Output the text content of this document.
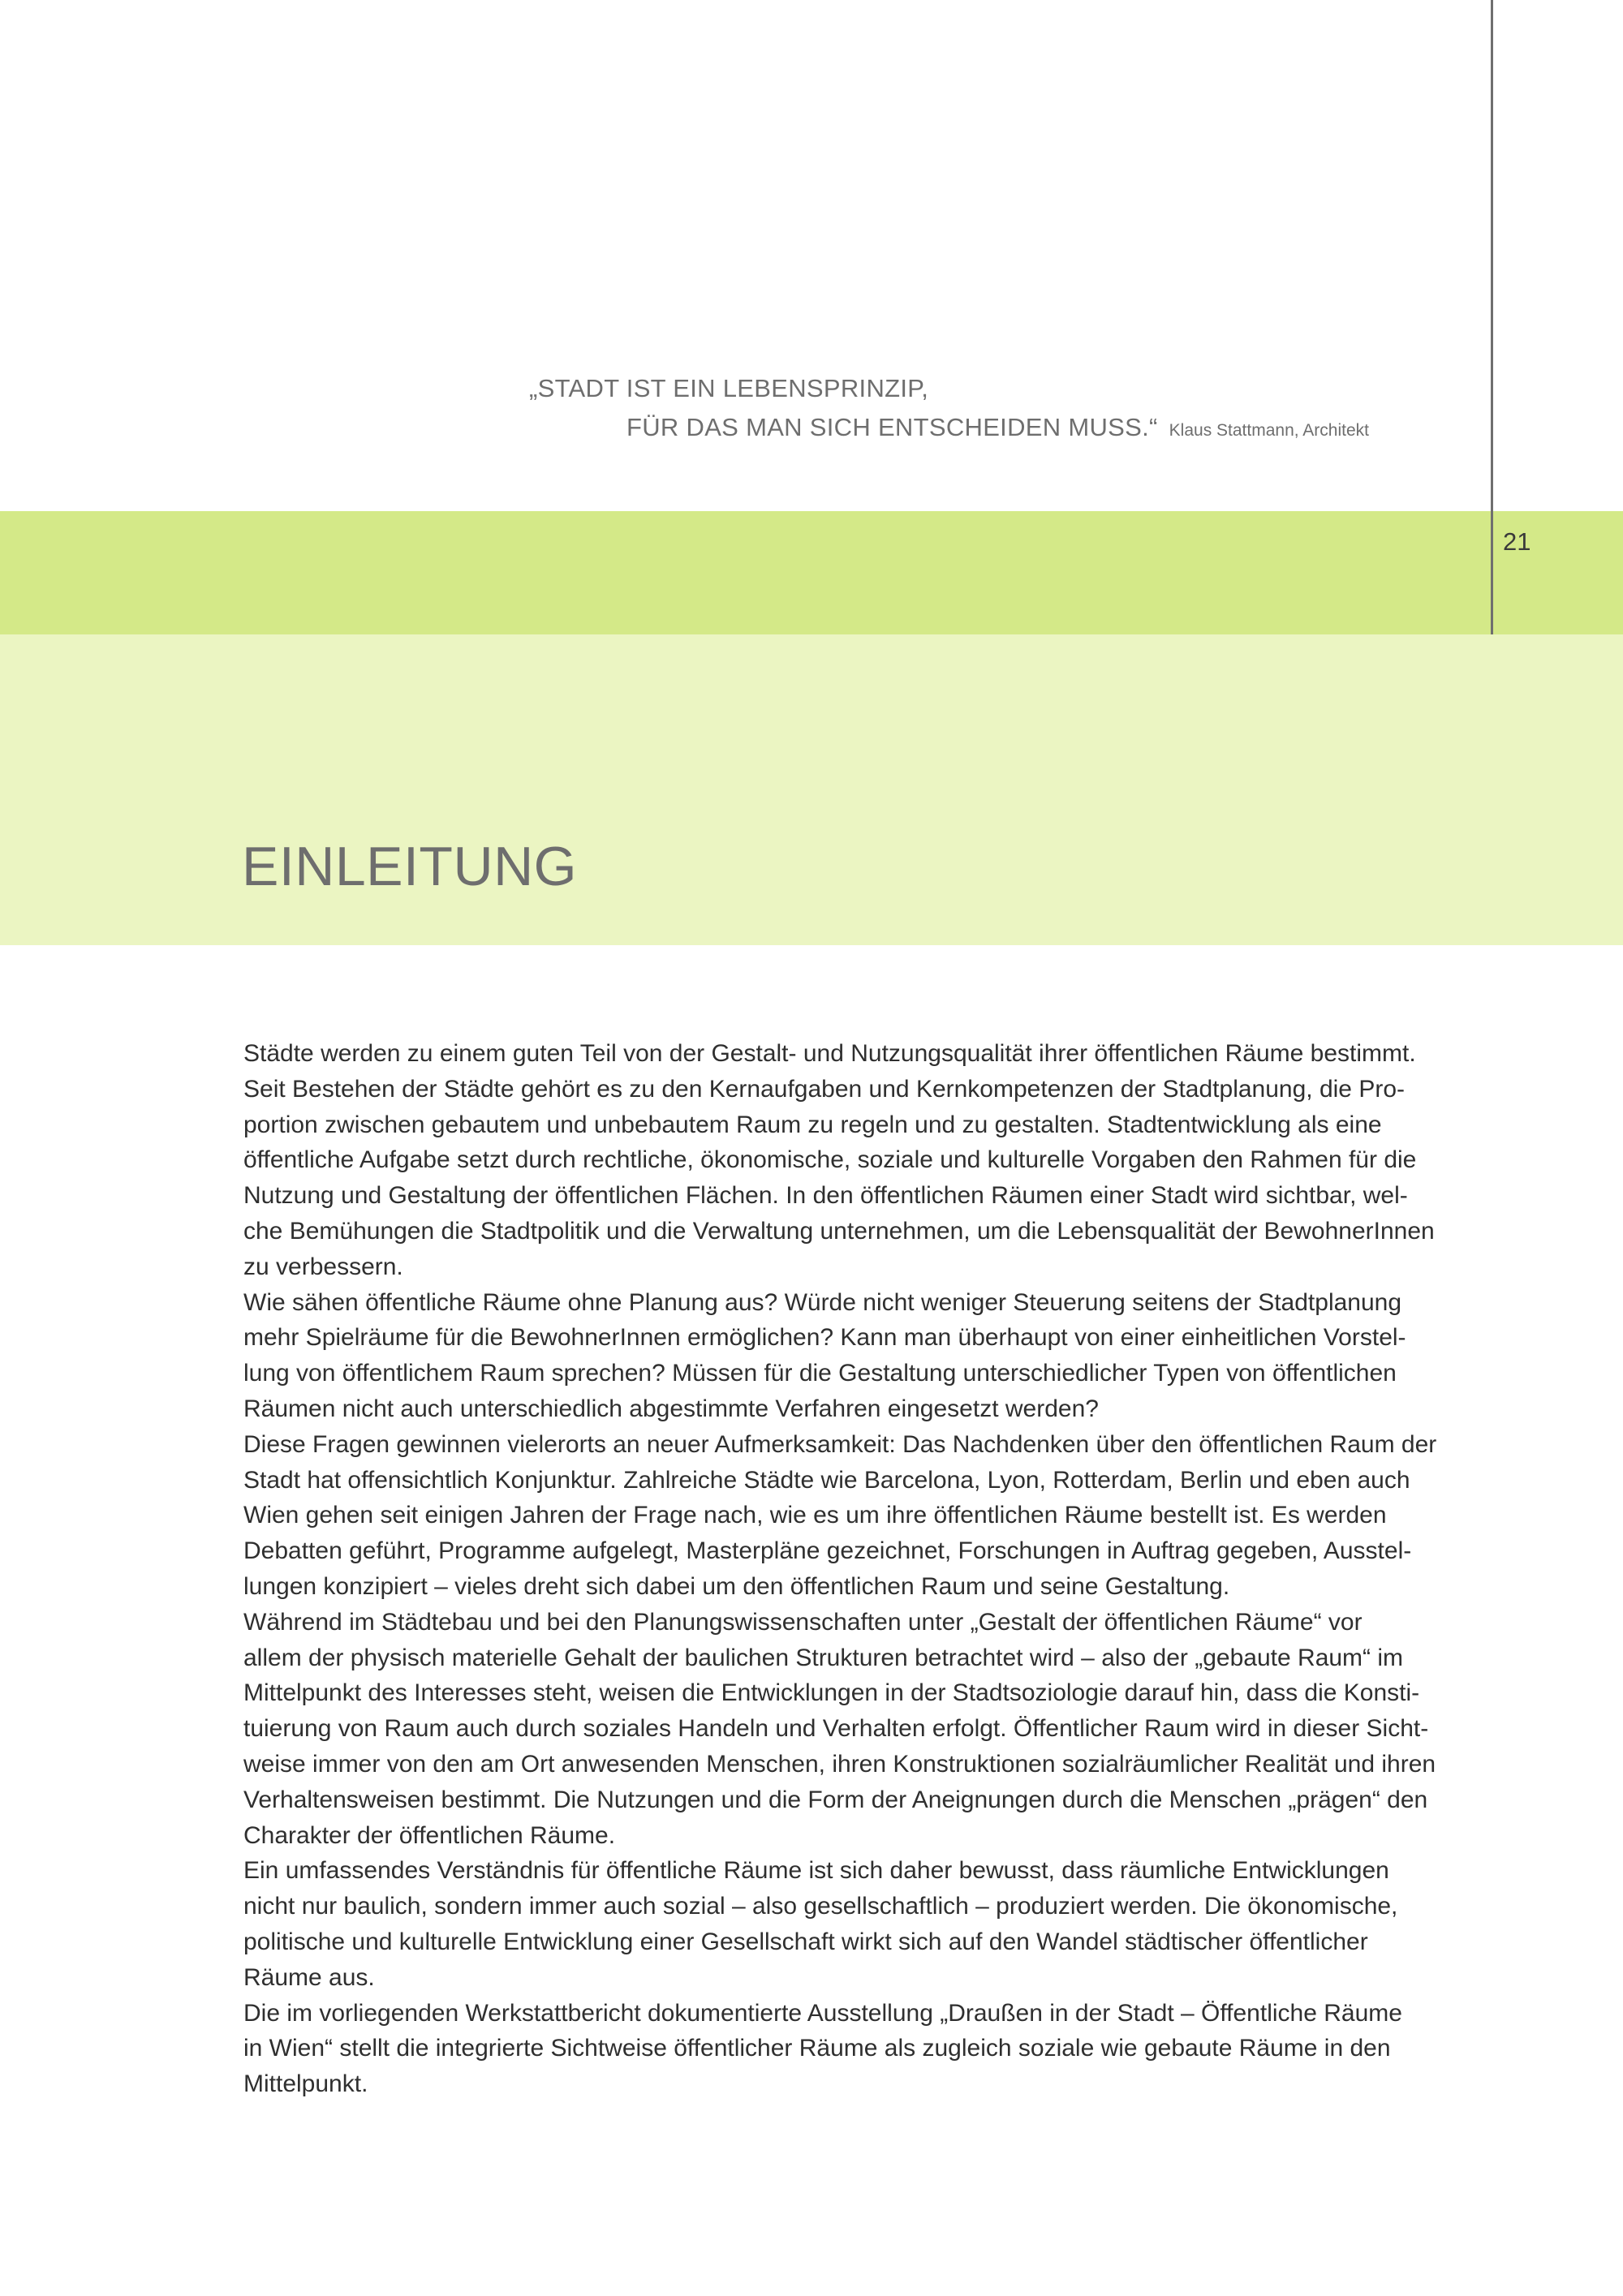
„STADT IST EIN LEBENSPRINZIP,
FÜR DAS MAN SICH ENTSCHEIDEN MUSS.“ Klaus Stattmann, Architekt
21
EINLEITUNG
Städte werden zu einem guten Teil von der Gestalt- und Nutzungsqualität ihrer öffentlichen Räume bestimmt.
Seit Bestehen der Städte gehört es zu den Kernaufgaben und Kernkompetenzen der Stadtplanung, die Pro-
portion zwischen gebautem und unbebautem Raum zu regeln und zu gestalten. Stadtentwicklung als eine
öffentliche Aufgabe setzt durch rechtliche, ökonomische, soziale und kulturelle Vorgaben den Rahmen für die
Nutzung und Gestaltung der öffentlichen Flächen. In den öffentlichen Räumen einer Stadt wird sichtbar, wel-
che Bemühungen die Stadtpolitik und die Verwaltung unternehmen, um die Lebensqualität der BewohnerInnen
zu verbessern.
Wie sähen öffentliche Räume ohne Planung aus? Würde nicht weniger Steuerung seitens der Stadtplanung
mehr Spielräume für die BewohnerInnen ermöglichen? Kann man überhaupt von einer einheitlichen Vorstel-
lung von öffentlichem Raum sprechen? Müssen für die Gestaltung unterschiedlicher Typen von öffentlichen
Räumen nicht auch unterschiedlich abgestimmte Verfahren eingesetzt werden?
Diese Fragen gewinnen vielerorts an neuer Aufmerksamkeit: Das Nachdenken über den öffentlichen Raum der
Stadt hat offensichtlich Konjunktur. Zahlreiche Städte wie Barcelona, Lyon, Rotterdam, Berlin und eben auch
Wien gehen seit einigen Jahren der Frage nach, wie es um ihre öffentlichen Räume bestellt ist. Es werden
Debatten geführt, Programme aufgelegt, Masterpläne gezeichnet, Forschungen in Auftrag gegeben, Ausstel-
lungen konzipiert – vieles dreht sich dabei um den öffentlichen Raum und seine Gestaltung.
Während im Städtebau und bei den Planungswissenschaften unter „Gestalt der öffentlichen Räume“ vor
allem der physisch materielle Gehalt der baulichen Strukturen betrachtet wird – also der „gebaute Raum“ im
Mittelpunkt des Interesses steht, weisen die Entwicklungen in der Stadtsoziologie darauf hin, dass die Konsti-
tuierung von Raum auch durch soziales Handeln und Verhalten erfolgt. Öffentlicher Raum wird in dieser Sicht-
weise immer von den am Ort anwesenden Menschen, ihren Konstruktionen sozialräumlicher Realität und ihren
Verhaltensweisen bestimmt. Die Nutzungen und die Form der Aneignungen durch die Menschen „prägen“ den
Charakter der öffentlichen Räume.
Ein umfassendes Verständnis für öffentliche Räume ist sich daher bewusst, dass räumliche Entwicklungen
nicht nur baulich, sondern immer auch sozial – also gesellschaftlich – produziert werden. Die ökonomische,
politische und kulturelle Entwicklung einer Gesellschaft wirkt sich auf den Wandel städtischer öffentlicher
Räume aus.
Die im vorliegenden Werkstattbericht dokumentierte Ausstellung „Draußen in der Stadt – Öffentliche Räume
in Wien“ stellt die integrierte Sichtweise öffentlicher Räume als zugleich soziale wie gebaute Räume in den
Mittelpunkt.
